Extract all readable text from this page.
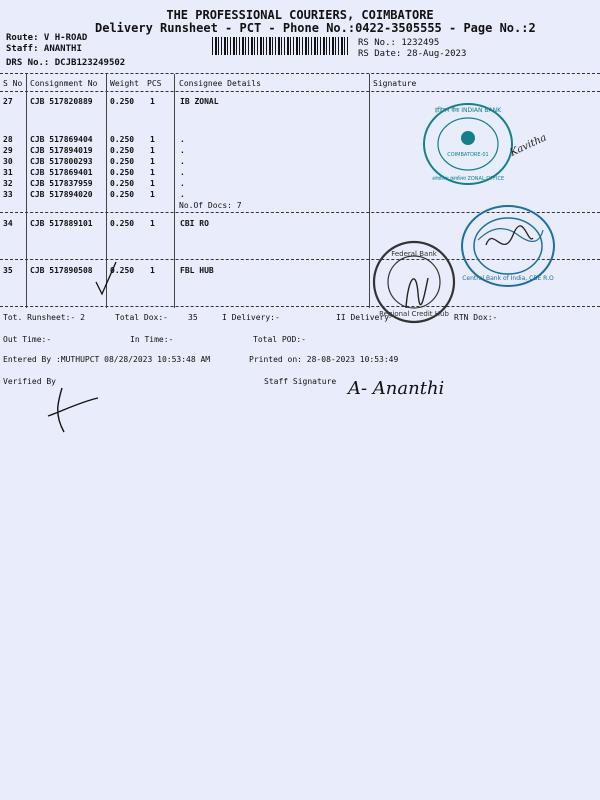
THE PROFESSIONAL COURIERS, COIMBATORE
Delivery Runsheet - PCT - Phone No.:0422-3505555 - Page No.:2
Route: V H-ROAD
Staff: ANANTHI
DRS No.: DCJB123249502
RS No.: 1232495
RS Date: 28-Aug-2023
S No Consignment No Weight PCS Consignee Details	Signature
27 CJB 517820889 0.250 1	IB ZONAL
28 CJB 517869404 0.250 1	.
29 CJB 517894019 0.250 1	.
30 CJB 517800293 0.250 1	.
31 CJB 517869401 0.250 1	.
32 CJB 517837959 0.250 1	.
33 CJB 517894020 0.250 1	.
No.Of Docs: 7
34 CJB 517889101 0.250 1	CBI RO
35 CJB 517890508 0.250 1	FBL HUB
Tot. Runsheet:- 2	Total Dox:-	35	I Delivery:-	II Delivery	RTN Dox:-
Out Time:-	In Time:-	Total POD:-
Entered By :MUTHUPCT 08/28/2023 10:53:48 AM	Printed on: 28-08-2023 10:53:49
Verified By	Staff Signature
इंडियन बैंक INDIAN BANK
COIMBATORE-01
आंचलिक कार्यालय ZONAL OFFICE
Kavitha
Central Bank of India, CBE R.O
Federal Bank
Regional Credit Hub
A- Ananthi
